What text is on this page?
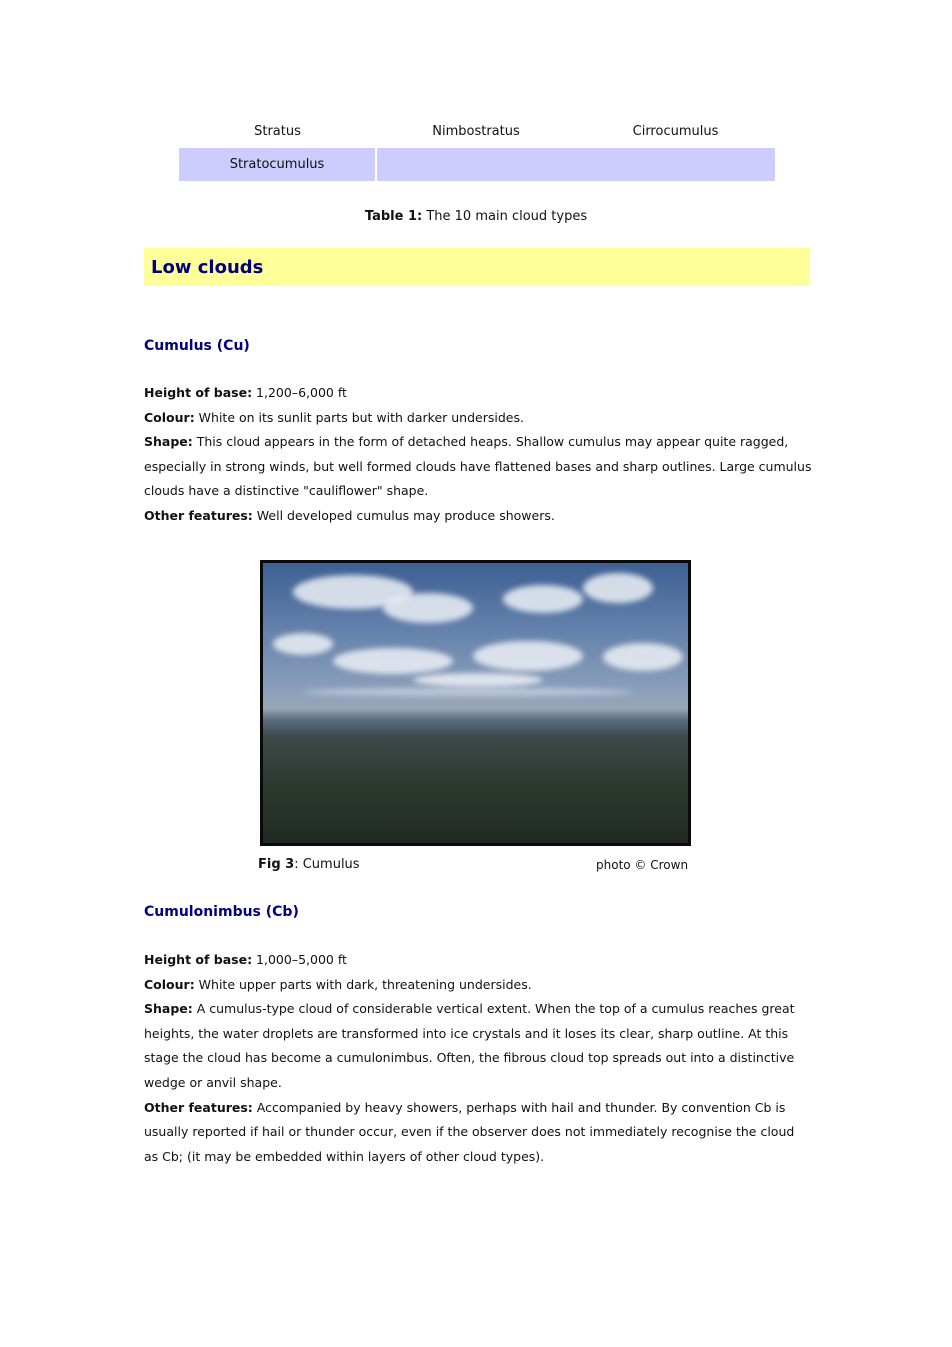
Stratus	Nimbostratus	Cirrocumulus
Stratocumulus
Table 1: The 10 main cloud types
Low clouds
Cumulus (Cu)
Height of base: 1,200–6,000 ft
Colour: White on its sunlit parts but with darker undersides.
Shape: This cloud appears in the form of detached heaps. Shallow cumulus may appear quite ragged, especially in strong winds, but well formed clouds have flattened bases and sharp outlines. Large cumulus clouds have a distinctive "cauliflower" shape.
Other features: Well developed cumulus may produce showers.
Fig 3: Cumulus	photo © Crown
Cumulonimbus (Cb)
Height of base: 1,000–5,000 ft
Colour: White upper parts with dark, threatening undersides.
Shape: A cumulus-type cloud of considerable vertical extent. When the top of a cumulus reaches great heights, the water droplets are transformed into ice crystals and it loses its clear, sharp outline. At this stage the cloud has become a cumulonimbus. Often, the fibrous cloud top spreads out into a distinctive wedge or anvil shape.
Other features: Accompanied by heavy showers, perhaps with hail and thunder. By convention Cb is usually reported if hail or thunder occur, even if the observer does not immediately recognise the cloud as Cb; (it may be embedded within layers of other cloud types).
